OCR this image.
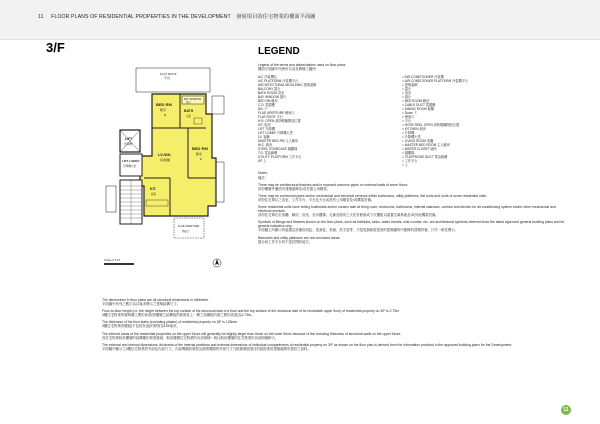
11 FLOOR PLANS OF RESIDENTIAL PROPERTIES IN THE DEVELOPMENT 發展項目的住宅物業的樓面平面圖
3/F
FLAT ROOF
平台
BAY WINDOW
窗台
BED RM
睡房
A
BATH
浴室
LIFT
升降機
LIFT LOBBY
升降機大堂
LV./DN.
客/飯廳
BED RM
睡房
1
KIT.
廚房
FLUE APERTURE
煙囪口
Scale 0 5 M
LEGEND
Legend of the terms and abbreviations used on floor plans
樓面平面圖中所使用名詞及簡稱之圖例
A/C 冷氣機位
A/C PLATFORM 冷氣機平台
ARCHITECTURAL MOULDING 建築裝飾
BALCONY 露台
BATH ROOM 浴室
BAY WINDOW 窗台
BED RM 睡房
C.D. 電纜槽
DN. 下
FLUE APERTURE 煙囪口
FLAT ROOF 平台
H.R. OPEN 消防喉轆開放位置
KIT. 廚房
LIFT 升降機
LIFT LOBBY 升降機大堂
LV. 客廳
MASTER BED RM 主人睡房
W.C. 廁所
STEEL STAIRCASE 鋼樓梯
T.D. 電話線槽
UTILITY PLATFORM 工作平台
UP 上
= AIR-CONDITIONER 冷氣機
= AIR-CONDITIONER PLATFORM 冷氣機平台
= 建築裝飾
= 露台
= 浴室
= 窗台
= BED ROOM 睡房
= CABLE DUCT 電纜槽
= DINING ROOM 飯廳
= Down 下
= 煙囪口
= 平台
= HOSE REEL OPEN 消防喉轆開放位置
= KITCHEN 廚房
= 升降機
= 升降機大堂
= LIVING ROOM 客廳
= MASTER BED ROOM 主人睡房
= WATER CLOSET 廁所
= 鋼樓梯
= TELEPHONE DUCT 電話線槽
= 工作平台
= 上

Notes:
備註:

There may be architectural features and/or exposed common pipes on external walls of some floors.
部份樓層外牆設有建築裝飾及/或外露公用喉管。

There may be communal pipes and/or mechanical and electrical services within bathrooms, utility platforms, flat roofs and roofs of some residential units.
部份住宅單位之浴室、工作平台、平台及天台或設有公用喉管及/或機電設備。

Some residential units have ceiling bulkheads and/or sunken slab at living room, bedrooms, bathrooms, internal staircase, corridor and kitchen for air-conditioning system and/or other mechanical and electrical services.
部份住宅單位於客廳、睡房、浴室、室內樓梯、走廊及廚房之天花有跌級或下沉樓板以裝置空調系統及/或其他機電設備。

Symbols of fittings and fitments shown on the floor plans, such as bathtubs, sinks, water closets, sink counter, etc. are architectural symbols retrieved from the latest approved general building plans and for general indication only.
平面圖上所顯示的裝置及設備如浴缸、洗滌盆、坐廁、洗手盆等，只是從最新經批准的建築圖則中節錄的建築符號，只作一般性標示。

Balconies and utility platforms are non-enclosed areas.
露台和工作平台均不是封閉的地方。

The dimensions in floor plans are all structural dimensions in millimetre.
平面圖中所列之數字為以毫米標示之建築結構尺寸。

Floor-to-floor height (i.e. the height between the top surface of the structural slab of a floor and the top surface of the structural slab of its immediate upper floor) of residential property on 3/F is 2.75m
3樓住宅物業的層與層之間的高度(即樓層之結構板的面與其上一層之結構板的面之間的高度)為2.75m。

The thickness of the floor slabs (excluding plaster) of residential property on 3/F is 125mm.
3樓住宅物業的樓板(不包括灰泥)的厚度為125毫米。

The internal areas of the residential properties on the upper floors will generally be slightly larger than those on the lower floors because of the reducing thickness of structural walls on the upper floors.
因住宅物業較高樓層的結構牆的厚度遞減，較高樓層住宅物業的內部面積一般比較低樓層的住宅物業的內部面積稍大。

The external and internal dimensions, thickness of the internal partitions and external dimensions of individual compartments of residential property on 3/F as shown on the floor plan is derived from the information provided in the approved building plans for the Development.
平面圖中顯示之3樓住宅物業的外部及內部尺寸、內部間隔的厚度及個別間隔的外部尺寸乃根據發展項目的經批准的建築圖則所提供之資料。

11
